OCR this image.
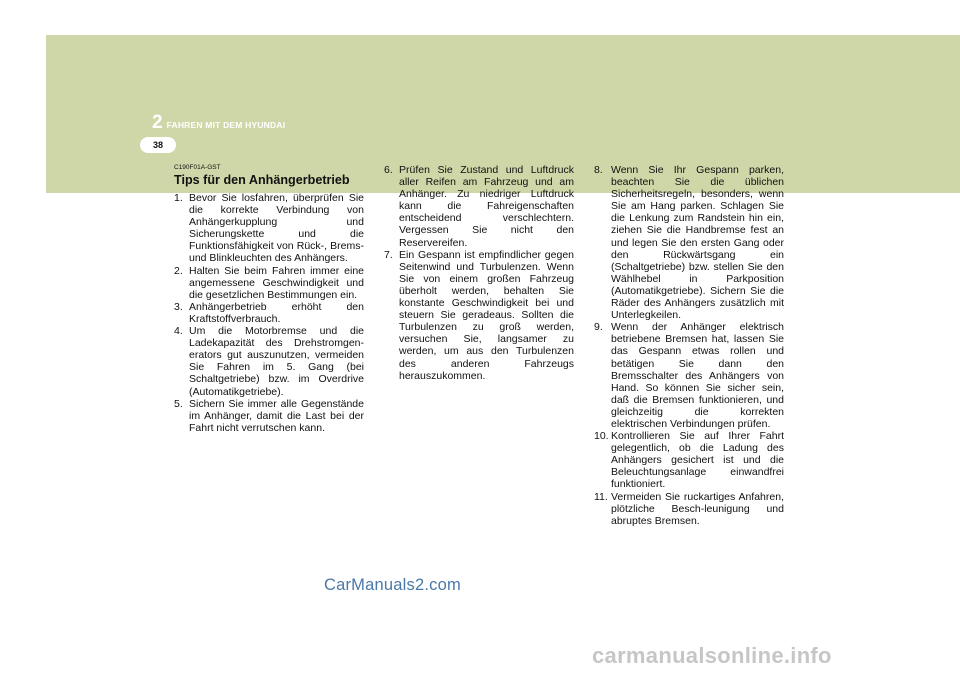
2 FAHREN MIT DEM HYUNDAI
38

C190F01A-GST

Tips für den Anhängerbetrieb

1. Bevor Sie losfahren, überprüfen Sie die korrekte Verbindung von Anhängerkupplung und Sicherungskette und die Funktionsfähigkeit von Rück-, Brems- und Blinkleuchten des Anhängers.
2. Halten Sie beim Fahren immer eine angemessene Geschwindigkeit und die gesetzlichen Bestimmungen ein.
3. Anhängerbetrieb erhöht den Kraftstoffverbrauch.
4. Um die Motorbremse und die Ladekapazität des Drehstromgen-erators gut auszunutzen, vermeiden Sie Fahren im 5. Gang (bei Schaltgetriebe) bzw. im Overdrive (Automatikgetriebe).
5. Sichern Sie immer alle Gegenstände im Anhänger, damit die Last bei der Fahrt nicht verrutschen kann.
6. Prüfen Sie Zustand und Luftdruck aller Reifen am Fahrzeug und am Anhänger. Zu niedriger Luftdruck kann die Fahreigenschaften entscheidend verschlechtern. Vergessen Sie nicht den Reservereifen.
7. Ein Gespann ist empfindlicher gegen Seitenwind und Turbulenzen. Wenn Sie von einem großen Fahrzeug überholt werden, behalten Sie konstante Geschwindigkeit bei und steuern Sie geradeaus. Sollten die Turbulenzen zu groß werden, versuchen Sie, langsamer zu werden, um aus den Turbulenzen des anderen Fahrzeugs herauszukommen.
8. Wenn Sie Ihr Gespann parken, beachten Sie die üblichen Sicherheitsregeln, besonders, wenn Sie am Hang parken. Schlagen Sie die Lenkung zum Randstein hin ein, ziehen Sie die Handbremse fest an und legen Sie den ersten Gang oder den Rückwärtsgang ein (Schaltgetriebe) bzw. stellen Sie den Wählhebel in Parkposition (Automatikgetriebe). Sichern Sie die Räder des Anhängers zusätzlich mit Unterlegkeilen.
9. Wenn der Anhänger elektrisch betriebene Bremsen hat, lassen Sie das Gespann etwas rollen und betätigen Sie dann den Bremsschalter des Anhängers von Hand. So können Sie sicher sein, daß die Bremsen funktionieren, und gleichzeitig die korrekten elektrischen Verbindungen prüfen.
10. Kontrollieren Sie auf Ihrer Fahrt gelegentlich, ob die Ladung des Anhängers gesichert ist und die Beleuchtungsanlage einwandfrei funktioniert.
11. Vermeiden Sie ruckartiges Anfahren, plötzliche Besch-leunigung und abruptes Bremsen.
CarManuals2.com
carmanualsonline.info
